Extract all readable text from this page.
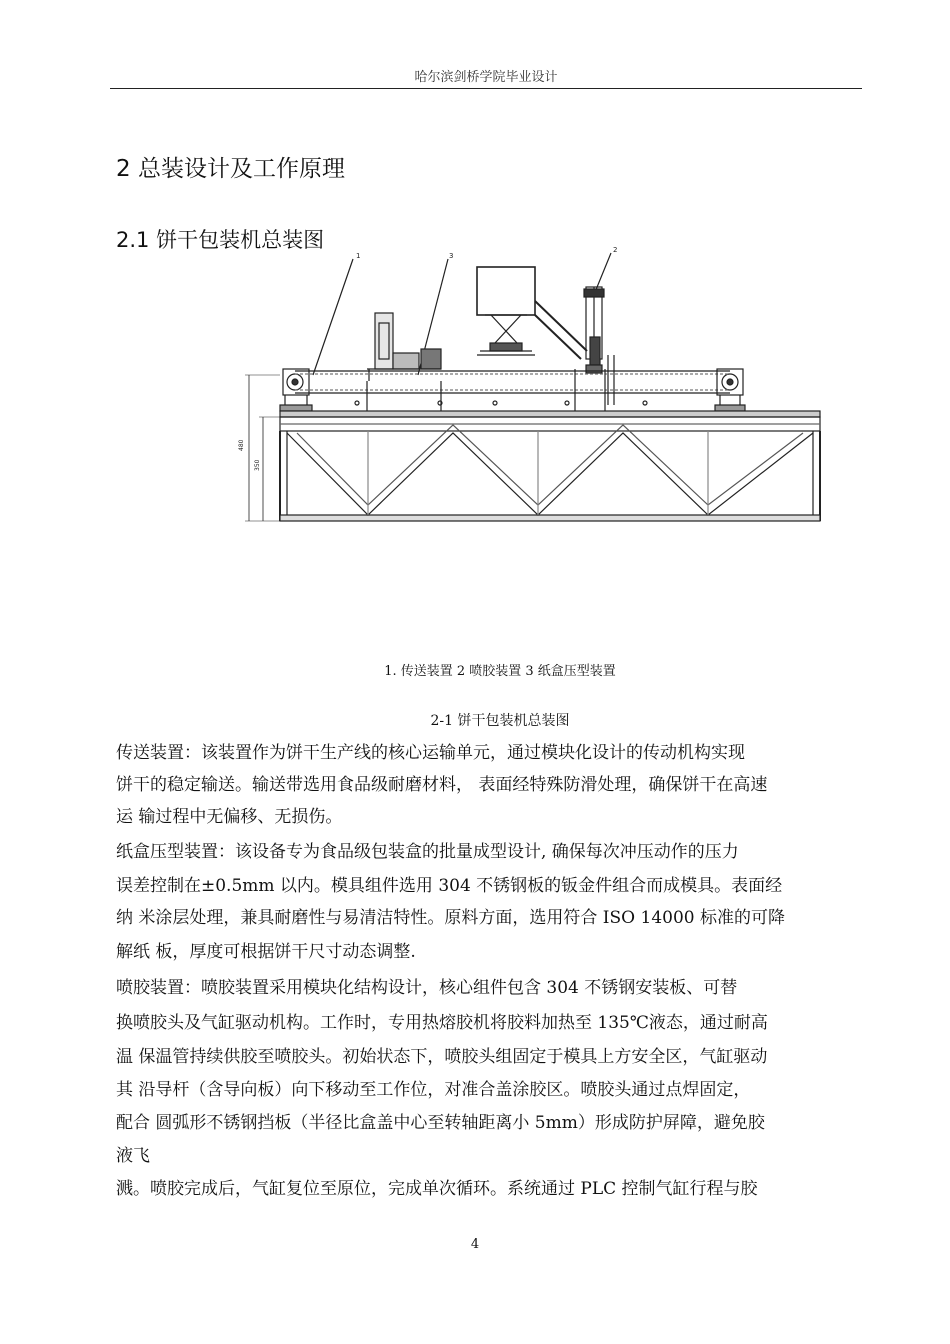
哈尔滨剑桥学院毕业设计
2 总装设计及工作原理
2.1 饼干包装机总装图
1	3
2
480
350
1. 传送装置 2 喷胶装置 3 纸盒压型装置
2-1 饼干包装机总装图
传送装置：该装置作为饼干生产线的核心运输单元，通过模块化设计的传动机构实现
饼干的稳定输送。输送带选用食品级耐磨材料， 表面经特殊防滑处理，确保饼干在高速
运 输过程中无偏移、无损伤。
纸盒压型装置：该设备专为食品级包装盒的批量成型设计, 确保每次冲压动作的压力
误差控制在±0.5mm 以内。模具组件选用 304 不锈钢板的钣金件组合而成模具。表面经
纳 米涂层处理，兼具耐磨性与易清洁特性。原料方面，选用符合 ISO 14000 标准的可降
解纸 板，厚度可根据饼干尺寸动态调整.
喷胶装置：喷胶装置采用模块化结构设计，核心组件包含 304 不锈钢安装板、可替
换喷胶头及气缸驱动机构。工作时，专用热熔胶机将胶料加热至 135℃液态，通过耐高
温 保温管持续供胶至喷胶头。初始状态下，喷胶头组固定于模具上方安全区，气缸驱动
其 沿导杆（含导向板）向下移动至工作位，对准合盖涂胶区。喷胶头通过点焊固定，
配合 圆弧形不锈钢挡板（半径比盒盖中心至转轴距离小 5mm）形成防护屏障，避免胶
液飞
溅。喷胶完成后，气缸复位至原位，完成单次循环。系统通过 PLC 控制气缸行程与胶
4
